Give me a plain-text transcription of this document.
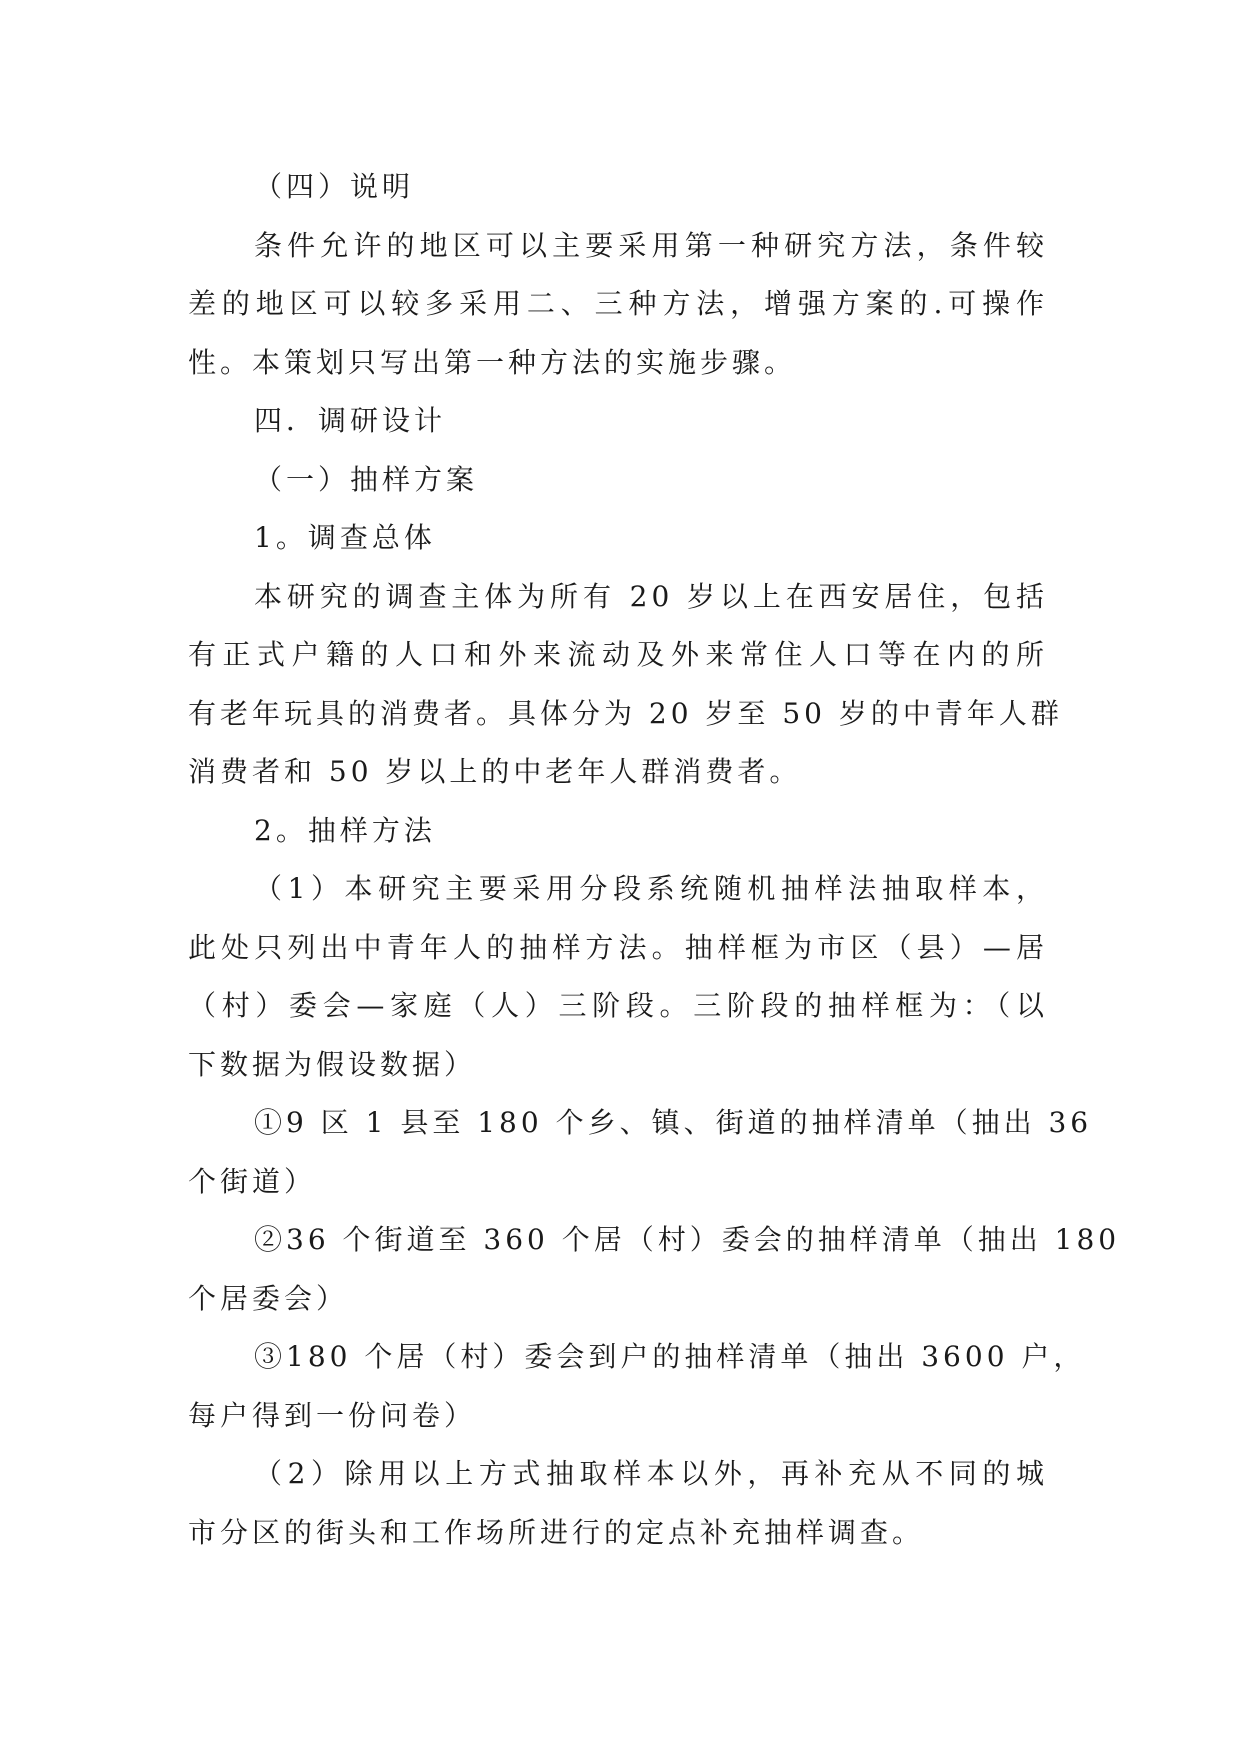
（四）说明

条件允许的地区可以主要采用第一种研究方法，条件较

差的地区可以较多采用二、三种方法，增强方案的.可操作

性。本策划只写出第一种方法的实施步骤。

四．调研设计

（一）抽样方案

1。调查总体

本研究的调查主体为所有 20 岁以上在西安居住，包括

有正式户籍的人口和外来流动及外来常住人口等在内的所

有老年玩具的消费者。具体分为 20 岁至 50 岁的中青年人群

消费者和 50 岁以上的中老年人群消费者。

2。抽样方法

（1）本研究主要采用分段系统随机抽样法抽取样本，

此处只列出中青年人的抽样方法。抽样框为市区（县）—居

（村）委会—家庭（人）三阶段。三阶段的抽样框为：（以

下数据为假设数据）

①9 区 1 县至 180 个乡、镇、街道的抽样清单（抽出 36

个街道）

②36 个街道至 360 个居（村）委会的抽样清单（抽出 180

个居委会）

③180 个居（村）委会到户的抽样清单（抽出 3600 户，

每户得到一份问卷）

（2）除用以上方式抽取样本以外，再补充从不同的城

市分区的街头和工作场所进行的定点补充抽样调查。
